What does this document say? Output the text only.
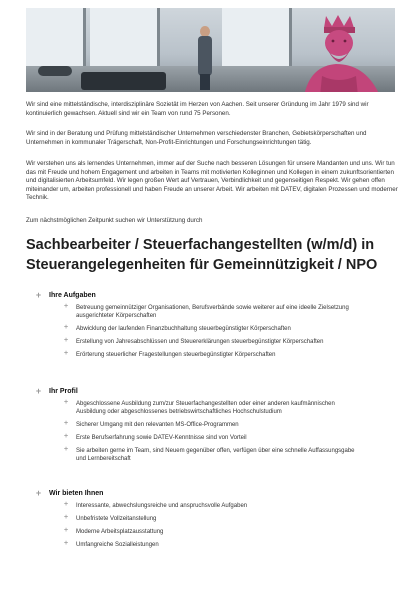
Wir sind eine mittelständische, interdisziplinäre Sozietät im Herzen von Aachen. Seit unserer Gründung im Jahr 1979 sind wir kontinuierlich gewachsen. Aktuell sind wir ein Team von rund 75 Personen.

Wir sind in der Beratung und Prüfung mittelständischer Unternehmen verschiedenster Branchen, Gebietskörperschaften und Unternehmen in kommunaler Trägerschaft, Non-Profit-Einrichtungen und Forschungseinrichtungen tätig.

Wir verstehen uns als lernendes Unternehmen, immer auf der Suche nach besseren Lösungen für unsere Mandanten und uns. Wir tun das mit Freude und hohem Engagement und arbeiten in Teams mit motivierten Kolleginnen und Kollegen in einem zukunftsorientierten und digitalisierten Arbeitsumfeld. Wir legen großen Wert auf Vertrauen, Verbindlichkeit und gegenseitigen Respekt. Wir gehen offen miteinander um, arbeiten professionell und haben Freude an unserer Arbeit. Wir arbeiten mit DATEV, digitalen Prozessen und moderner Technik.

Zum nächstmöglichen Zeitpunkt suchen wir Unterstützung durch

Sachbearbeiter / Steuerfachangestellten (w/m/d) in Steuerangelegenheiten für Gemeinnützigkeit / NPO
+ Ihre Aufgaben
+ Betreuung gemeinnütziger Organisationen, Berufsverbände sowie weiterer auf eine ideelle Zielsetzung ausgerichteter Körperschaften
+ Abwicklung der laufenden Finanzbuchhaltung steuerbegünstigter Körperschaften
+ Erstellung von Jahresabschlüssen und Steuererklärungen steuerbegünstigter Körperschaften
+ Erörterung steuerlicher Fragestellungen steuerbegünstigter Körperschaften
+ Ihr Profil
+ Abgeschlossene Ausbildung zum/zur Steuerfachangestellten oder einer anderen kaufmännischen Ausbildung oder abgeschlossenes betriebswirtschaftliches Hochschulstudium
+ Sicherer Umgang mit den relevanten MS-Office-Programmen
+ Erste Berufserfahrung sowie DATEV-Kenntnisse sind von Vorteil
+ Sie arbeiten gerne im Team, sind Neuem gegenüber offen, verfügen über eine schnelle Auffassungsgabe und Lernbereitschaft
+ Wir bieten Ihnen
+ Interessante, abwechslungsreiche und anspruchsvolle Aufgaben
+ Unbefristete Vollzeitanstellung
+ Moderne Arbeitsplatzausstattung
+ Umfangreiche Sozialleistungen
